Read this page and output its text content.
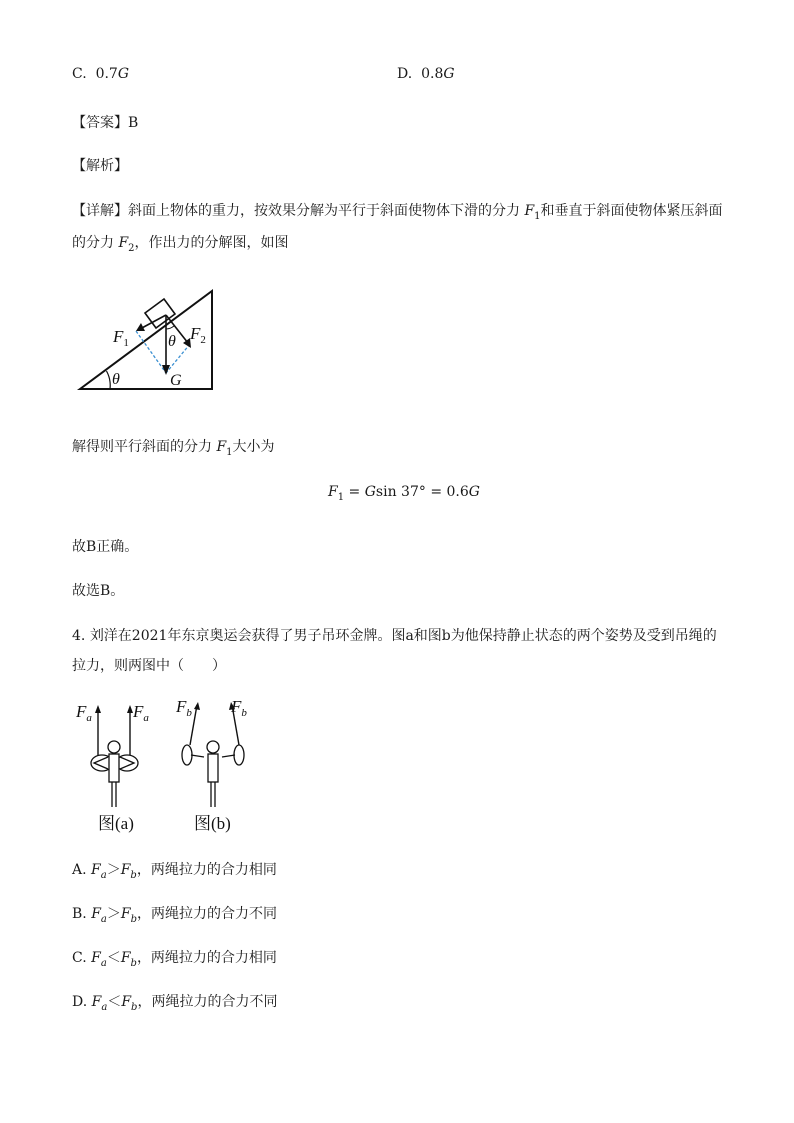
C. 0.7G	D. 0.8G
【答案】B
【解析】
【详解】斜面上物体的重力，按效果分解为平行于斜面使物体下滑的分力 $F_1$和垂直于斜面使物体紧压斜面
的分力 $F_2$，作出力的分解图，如图
$F_1$	$F_2$
θ
θ	G
解得则平行斜面的分力 $F_1$大小为
$F_1 = Gsin$ 37° = 0.6G
故B正确。
故选B。
4. 刘洋在2021年东京奥运会获得了男子吊环金牌。图a和图b为他保持静止状态的两个姿势及受到吊绳的
拉力，则两图中（　　）
$F_a$ $F_a$
图(a)
$F_b$ $F_b$
图(b)
A. $F_a>F_b$，两绳拉力的合力相同
B. $F_a>F_b$，两绳拉力的合力不同
C. $F_a<F_b$，两绳拉力的合力相同
D. $F_a<F_b$，两绳拉力的合力不同
